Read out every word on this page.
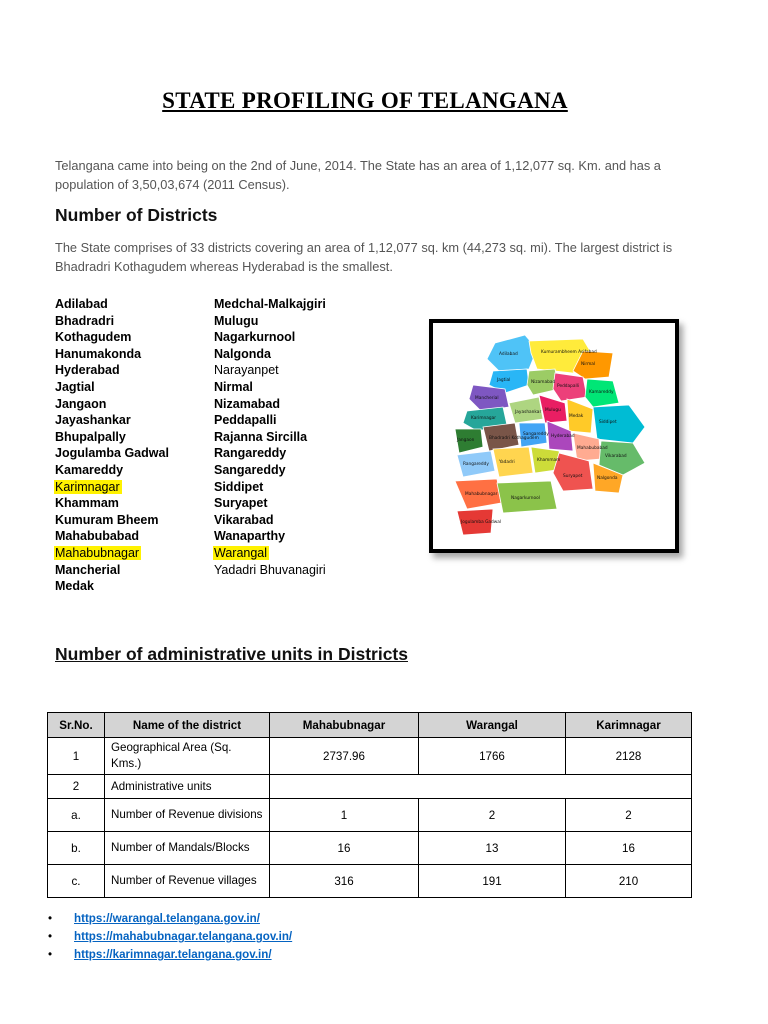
STATE PROFILING OF TELANGANA
Telangana came into being on the 2nd of June, 2014. The State has an area of 1,12,077 sq. Km. and has a population of 3,50,03,674 (2011 Census).
Number of Districts
The State comprises of 33 districts covering an area of 1,12,077 sq. km (44,273 sq. mi). The largest district is Bhadradri Kothagudem whereas Hyderabad is the smallest.
Adilabad
Bhadradri
Kothagudem
Hanumakonda
Hyderabad
Jagtial
Jangaon
Jayashankar
Bhupalpally
Jogulamba Gadwal
Kamareddy
Karimnagar
Khammam
Kumuram Bheem
Mahabubabad
Mahabubnagar
Mancherial
Medak
Medchal-Malkajgiri
Mulugu
Nagarkurnool
Nalgonda
Narayanpet
Nirmal
Nizamabad
Peddapalli
Rajanna Sircilla
Rangareddy
Sangareddy
Siddipet
Suryapet
Vikarabad
Wanaparthy
Warangal
Yadadri Bhuvanagiri
Adilabad	Kumurambheem Asifabad
Nirmal
Jagtial	Nizamabad
Mancherial
Peddapalli
Kamareddy
Karimnagar
Jayashankar Mulugu
Medak
Siddipet
Jangaon	Bhadradri Kothagudem
Sangareddy Hyderabad
Mahabubabad
Vikarabad
Rangareddy Yadadri	Khammam
Suryapet	Nalgonda
Mahabubnagar
Jogulamba Gadwal
Nagarkurnool
Number of administrative units in Districts
Sr.No.	Name of the district	Mahabubnagar	Warangal	Karimnagar
1	Geographical Area (Sq. Kms.)	2737.96	1766	2128
2	Administrative units			
a.	Number of Revenue divisions	1	2	2
b.	Number of Mandals/Blocks	16	13	16
c.	Number of Revenue villages	316	191	210
• https://warangal.telangana.gov.in/
• https://mahabubnagar.telangana.gov.in/
• https://karimnagar.telangana.gov.in/
